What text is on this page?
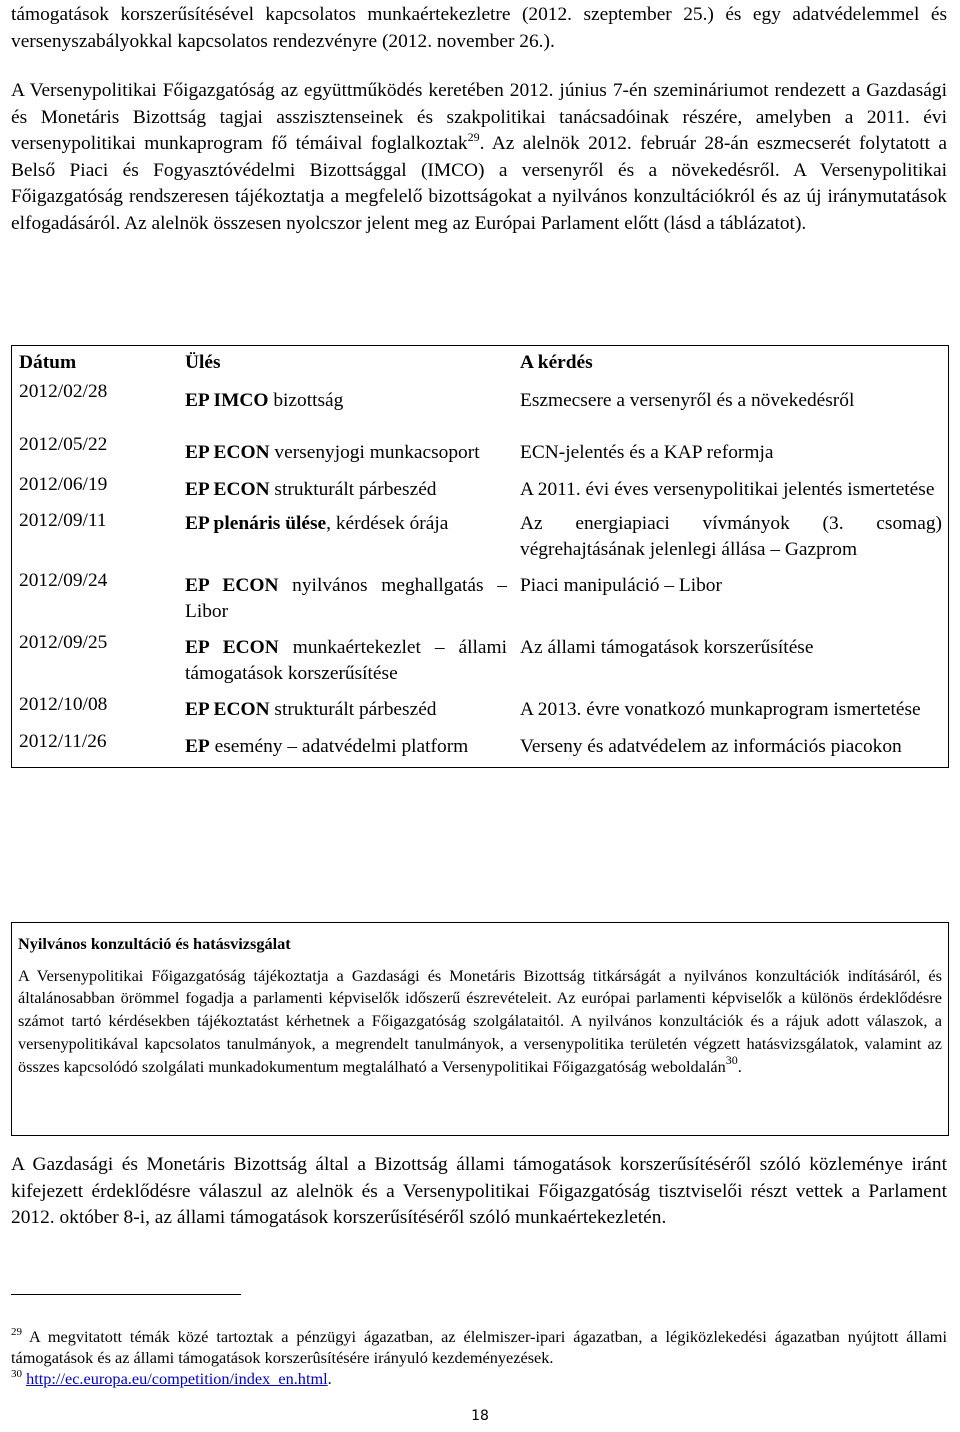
támogatások korszerűsítésével kapcsolatos munkaértekezletre (2012. szeptember 25.) és egy adatvédelemmel és versenyszabályokkal kapcsolatos rendezvényre (2012. november 26.).

A Versenypolitikai Főigazgatóság az együttműködés keretében 2012. június 7-én szemináriumot rendezett a Gazdasági és Monetáris Bizottság tagjai asszisztenseinek és szakpolitikai tanácsadóinak részére, amelyben a 2011. évi versenypolitikai munkaprogram fő témáival foglalkoztak$^{29}$. Az alelnök 2012. február 28-án eszmecserét folytatott a Belső Piaci és Fogyasztóvédelmi Bizottsággal (IMCO) a versenyről és a növekedésről. A Versenypolitikai Főigazgatóság rendszeresen tájékoztatja a megfelelő bizottságokat a nyilvános konzultációkról és az új iránymutatások elfogadásáról. Az alelnök összesen nyolcszor jelent meg az Európai Parlament előtt (lásd a táblázatot).

Dátum	Ülés	A kérdés
2012/02/28	EP IMCO bizottság	Eszmecsere a versenyről és a növekedésről
2012/05/22	EP ECON versenyjogi munkacsoport	ECN-jelentés és a KAP reformja
2012/06/19	EP ECON strukturált párbeszéd	A 2011. évi éves versenypolitikai jelentés ismertetése
2012/09/11	EP plenáris ülése, kérdések órája	Az energiapiaci vívmányok (3. csomag) végrehajtásának jelenlegi állása – Gazprom
2012/09/24	EP ECON nyilvános meghallgatás – Libor	Piaci manipuláció – Libor
2012/09/25	EP ECON munkaértekezlet – állami támogatások korszerűsítése	Az állami támogatások korszerűsítése
2012/10/08	EP ECON strukturált párbeszéd	A 2013. évre vonatkozó munkaprogram ismertetése
2012/11/26	EP esemény – adatvédelmi platform	Verseny és adatvédelem az információs piacokon
Nyilvános konzultáció és hatásvizsgálat

A Versenypolitikai Főigazgatóság tájékoztatja a Gazdasági és Monetáris Bizottság titkárságát a nyilvános konzultációk indításáról, és általánosabban örömmel fogadja a parlamenti képviselők időszerű észrevételeit. Az európai parlamenti képviselők a különös érdeklődésre számot tartó kérdésekben tájékoztatást kérhetnek a Főigazgatóság szolgálataitól. A nyilvános konzultációk és a rájuk adott válaszok, a versenypolitikával kapcsolatos tanulmányok, a megrendelt tanulmányok, a versenypolitika területén végzett hatásvizsgálatok, valamint az összes kapcsolódó szolgálati munkadokumentum megtalálható a Versenypolitikai Főigazgatóság weboldalán$^{30}$.

A Gazdasági és Monetáris Bizottság által a Bizottság állami támogatások korszerűsítéséről szóló közleménye iránt kifejezett érdeklődésre válaszul az alelnök és a Versenypolitikai Főigazgatóság tisztviselői részt vettek a Parlament 2012. október 8-i, az állami támogatások korszerűsítéséről szóló munkaértekezletén.

$^{29}$ A megvitatott témák közé tartoztak a pénzügyi ágazatban, az élelmiszer-ipari ágazatban, a légiközlekedési ágazatban nyújtott állami támogatások és az állami támogatások korszerûsítésére irányuló kezdeményezések.

$^{30}$ http://ec.europa.eu/competition/index_en.html.

18
